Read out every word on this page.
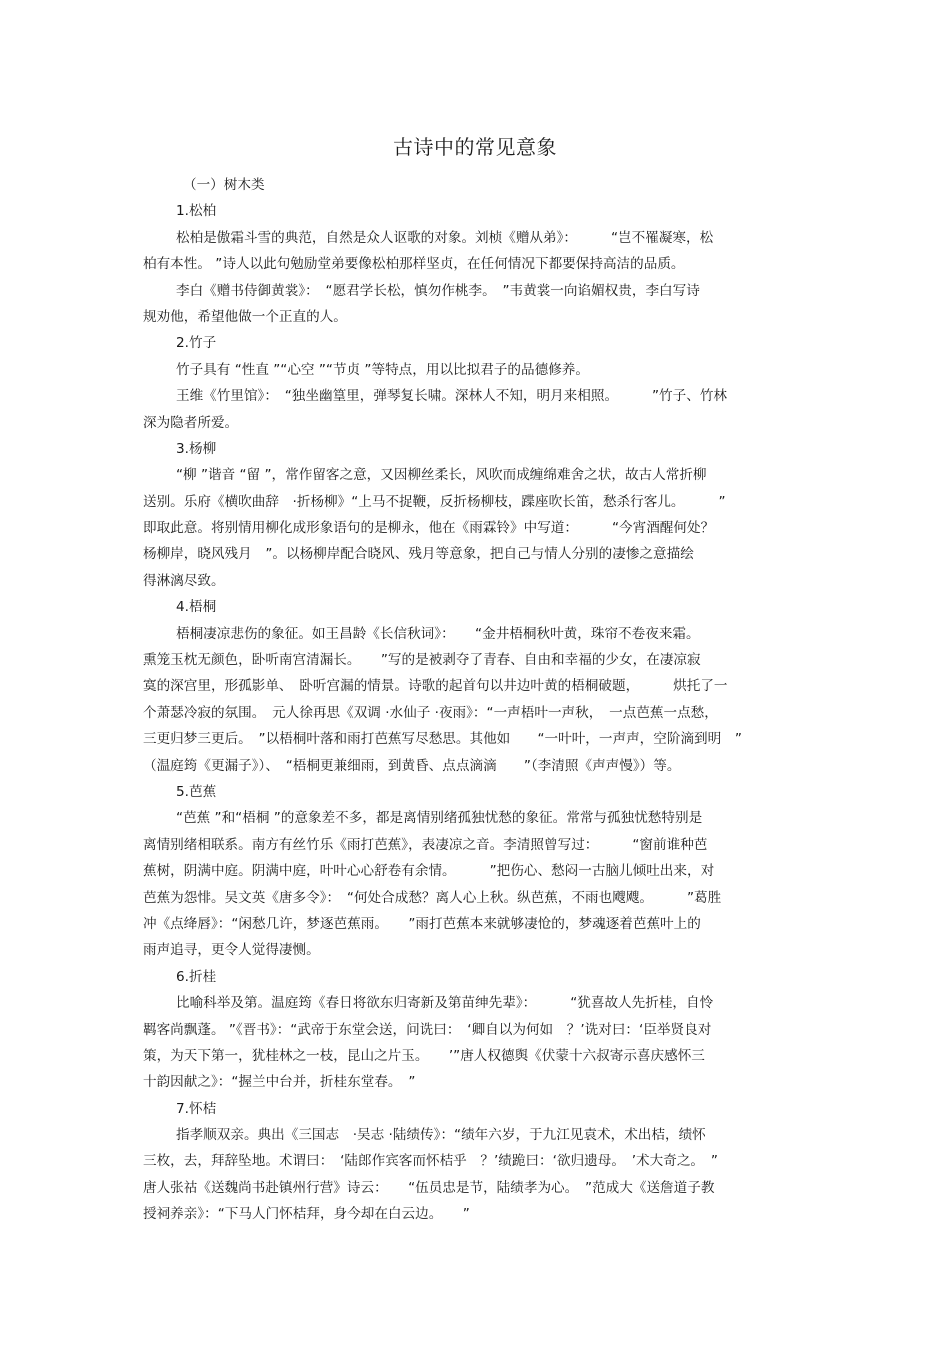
古诗中的常见意象
（一）树木类
1.松柏
松柏是傲霜斗雪的典范，自然是众人讴歌的对象。刘桢《赠从弟》：　　　“岂不罹凝寒，松
柏有本性。 ”诗人以此句勉励堂弟要像松柏那样坚贞，在任何情况下都要保持高洁的品质。
李白《赠书侍御黄裳》：　“愿君学长松，慎勿作桃李。　”韦黄裳一向谄媚权贵，李白写诗
规劝他，希望他做一个正直的人。
2.竹子
竹子具有 “性直 ”“心空 ”“节贞 ”等特点，用以比拟君子的品德修养。
王维《竹里馆》：　“独坐幽篁里，弹琴复长啸。深林人不知，明月来相照。　　　”竹子、竹林
深为隐者所爱。
3.杨柳
“柳 ”谐音 “留 ”，常作留客之意，又因柳丝柔长，风吹而成缠绵难舍之状，故古人常折柳
送别。乐府《横吹曲辞　·折杨柳》“上马不捉鞭，反折杨柳枝，蹀座吹长笛，愁杀行客儿。　　　”
即取此意。将别情用柳化成形象语句的是柳永，他在《雨霖铃》中写道：　　　“今宵酒醒何处？
杨柳岸，晓风残月　”。以杨柳岸配合晓风、残月等意象，把自己与情人分别的凄惨之意描绘
得淋漓尽致。
4.梧桐
梧桐凄凉悲伤的象征。如王昌龄《长信秋词》：　　“金井梧桐秋叶黄，珠帘不卷夜来霜。
熏笼玉枕无颜色，卧听南宫清漏长。　　”写的是被剥夺了青春、自由和幸福的少女，在凄凉寂
寞的深宫里，形孤影单、　卧听宫漏的情景。诗歌的起首句以井边叶黄的梧桐破题，　　　烘托了一
个萧瑟冷寂的氛围。　元人徐再思《双调 ·水仙子 ·夜雨》：“一声梧叶一声秋，　一点芭蕉一点愁，
三更归梦三更后。　”以梧桐叶落和雨打芭蕉写尽愁思。其他如　　“一叶叶，一声声，空阶滴到明　”
（温庭筠《更漏子》）、　“梧桐更兼细雨，到黄昏、点点滴滴　　”（李清照《声声慢》）等。
5.芭蕉
“芭蕉 ”和“梧桐 ”的意象差不多，都是离情别绪孤独忧愁的象征。常常与孤独忧愁特别是
离情别绪相联系。南方有丝竹乐《雨打芭蕉》，表凄凉之音。李清照曾写过：　　　“窗前谁种芭
蕉树，阴满中庭。阴满中庭，叶叶心心舒卷有余情。　　　”把伤心、愁闷一古脑儿倾吐出来，对
芭蕉为怨悱。吴文英《唐多令》：　“何处合成愁？离人心上秋。纵芭蕉，不雨也飕飕。　　　”葛胜
冲《点绛唇》：“闲愁几许，梦逐芭蕉雨。　　”雨打芭蕉本来就够凄怆的，梦魂逐着芭蕉叶上的
雨声追寻，更令人觉得凄恻。
6.折桂
比喻科举及第。温庭筠《春日将欲东归寄新及第苗绅先辈》：　　　“犹喜故人先折桂，自怜
羁客尚飘蓬。 ”《晋书》：“武帝于东堂会送，问诜曰：　‘卿自以为何如　？’诜对曰：‘臣举贤良对
策，为天下第一，犹桂林之一枝，昆山之片玉。　　’”唐人权德舆《伏蒙十六叔寄示喜庆感怀三
十韵因献之》：“握兰中台并，折桂东堂春。　”
7.怀桔
指孝顺双亲。典出《三国志　·吴志 ·陆绩传》：“绩年六岁，于九江见袁术，术出桔，绩怀
三枚，去，拜辞坠地。术谓曰：　‘陆郎作宾客而怀桔乎　？’绩跪曰：‘欲归遗母。　’术大奇之。　”
唐人张祜《送魏尚书赴镇州行营》诗云：　　“伍员忠是节，陆绩孝为心。　”范成大《送詹道子教
授祠养亲》：“下马人门怀桔拜，身今却在白云边。　　”
